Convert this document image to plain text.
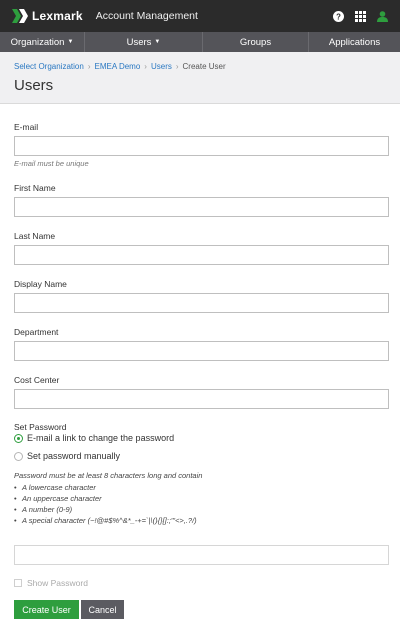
Lexmark Account Management	?
Organization ▼	Users ▼	Groups	Applications
Select Organization › EMEA Demo › Users › Create User
Users
E-mail
E-mail must be unique
First Name
Last Name
Display Name
Department
Cost Center
Set Password
E-mail a link to change the password
Set password manually
Password must be at least 8 characters long and contain
• A lowercase character
• An uppercase character
• A number (0-9)
• A special character (~!@#$%^&*_-+=`|\(){}[]:;"'<>,.?/)
Show Password
Create User	Cancel
